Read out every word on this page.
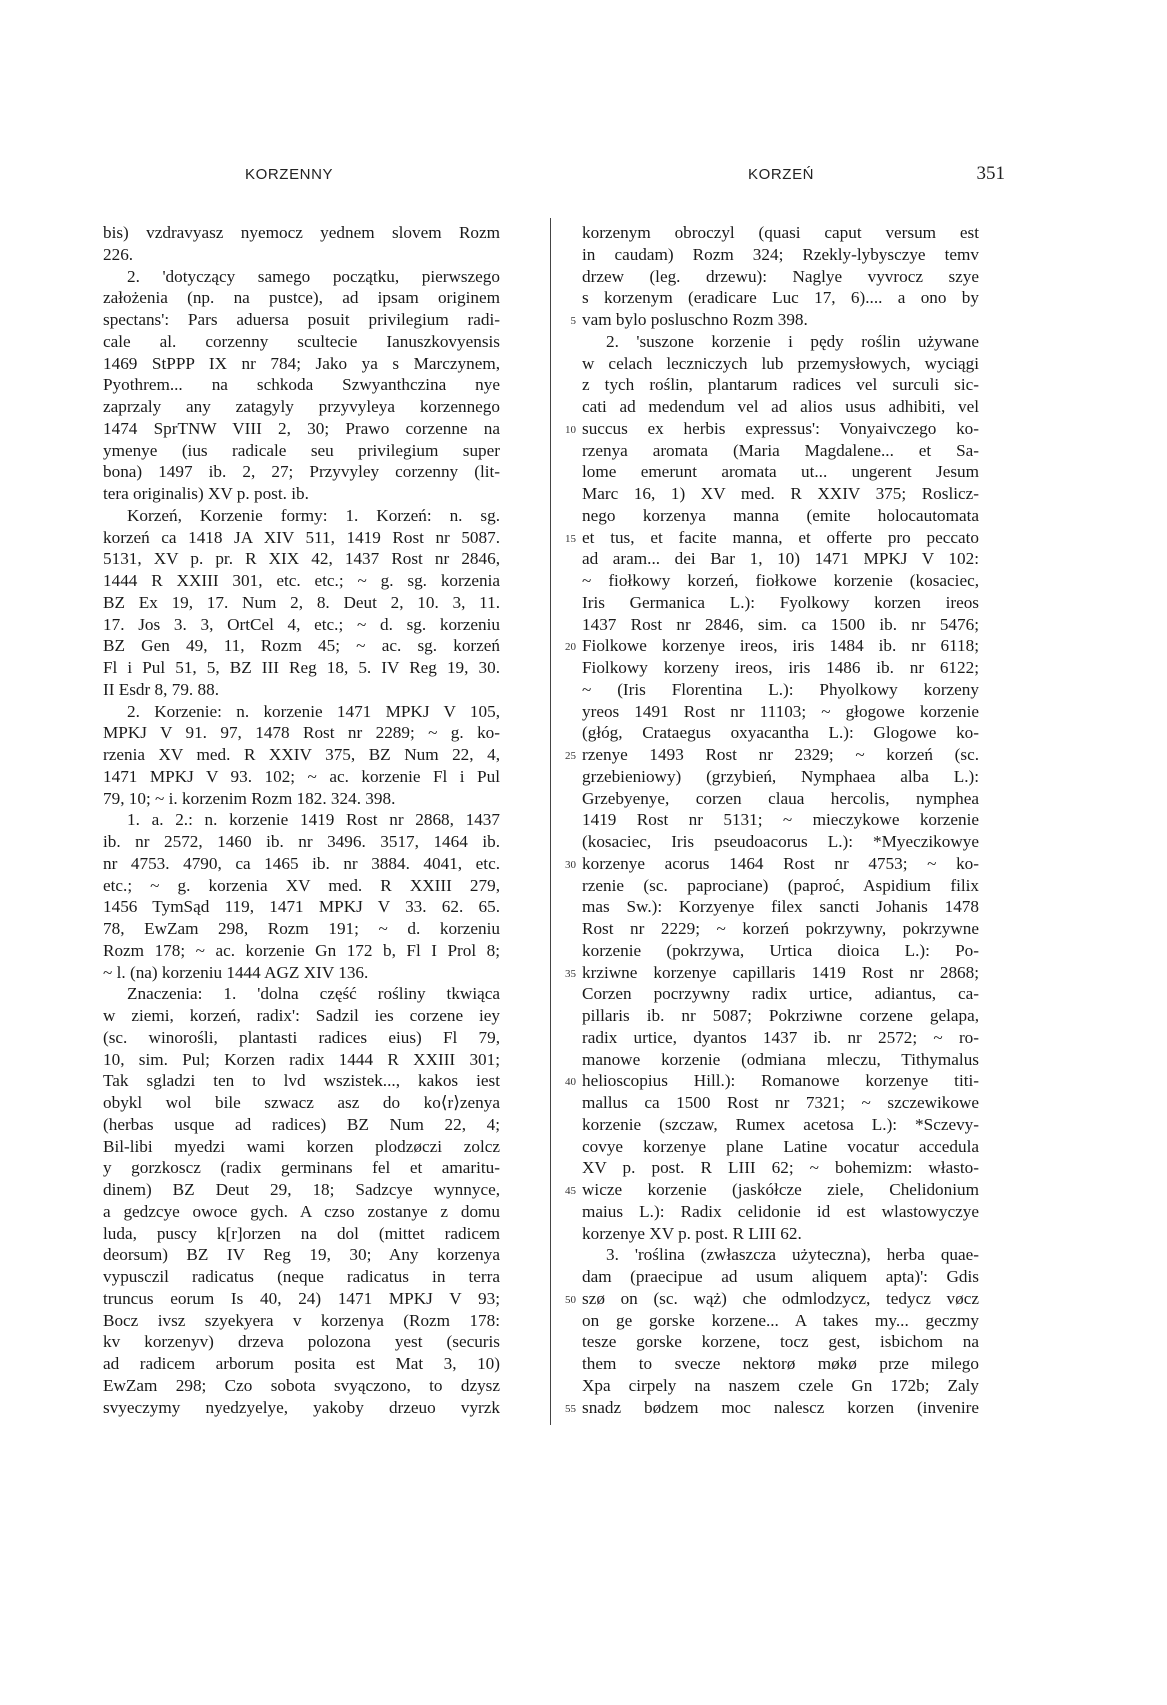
KORZENNY	KORZEŃ	351
bis) vzdravyasz nyemocz yednem slovem Rozm
226.
2. 'dotyczący samego początku, pierwszego
założenia (np. na pustce), ad ipsam originem
spectans': Pars aduersa posuit privilegium radi-
cale al. corzenny scultecie Ianuszkovyensis
1469 StPPP IX nr 784; Jako ya s Marczynem,
Pyothrem... na schkoda Szwyanthczina nye
zaprzaly any zatagyly przyvyleya korzennego
1474 SprTNW VIII 2, 30; Prawo corzenne na
ymenye (ius radicale seu privilegium super
bona) 1497 ib. 2, 27; Przyvyley corzenny (lit-
tera originalis) XV p. post. ib.
Korzeń, Korzenie formy: 1. Korzeń: n. sg.
korzeń ca 1418 JA XIV 511, 1419 Rost nr 5087.
5131, XV p. pr. R XIX 42, 1437 Rost nr 2846,
1444 R XXIII 301, etc. etc.; ~ g. sg. korzenia
BZ Ex 19, 17. Num 2, 8. Deut 2, 10. 3, 11.
17. Jos 3. 3, OrtCel 4, etc.; ~ d. sg. korzeniu
BZ Gen 49, 11, Rozm 45; ~ ac. sg. korzeń
Fl i Pul 51, 5, BZ III Reg 18, 5. IV Reg 19, 30.
II Esdr 8, 79. 88.
2. Korzenie: n. korzenie 1471 MPKJ V 105,
MPKJ V 91. 97, 1478 Rost nr 2289; ~ g. ko-
rzenia XV med. R XXIV 375, BZ Num 22, 4,
1471 MPKJ V 93. 102; ~ ac. korzenie Fl i Pul
79, 10; ~ i. korzenim Rozm 182. 324. 398.
1. a. 2.: n. korzenie 1419 Rost nr 2868, 1437
ib. nr 2572, 1460 ib. nr 3496. 3517, 1464 ib.
nr 4753. 4790, ca 1465 ib. nr 3884. 4041, etc.
etc.; ~ g. korzenia XV med. R XXIII 279,
1456 TymSąd 119, 1471 MPKJ V 33. 62. 65.
78, EwZam 298, Rozm 191; ~ d. korzeniu
Rozm 178; ~ ac. korzenie Gn 172 b, Fl I Prol 8;
~ l. (na) korzeniu 1444 AGZ XIV 136.
Znaczenia: 1. 'dolna część rośliny tkwiąca
w ziemi, korzeń, radix': Sadzil ies corzene iey
(sc. winorośli, plantasti radices eius) Fl 79,
10, sim. Pul; Korzen radix 1444 R XXIII 301;
Tak sgladzi ten to lvd wszistek..., kakos iest
obykl wol bile szwacz asz do ko⟨r⟩zenya
(herbas usque ad radices) BZ Num 22, 4;
Bil-libi myedzi wami korzen plodzøczi zolcz
y gorzkoscz (radix germinans fel et amaritu-
dinem) BZ Deut 29, 18; Sadzcye wynnyce,
a gedzcye owoce gych. A czso zostanye z domu
luda, puscy k[r]orzen na dol (mittet radicem
deorsum) BZ IV Reg 19, 30; Any korzenya
vypusczil radicatus (neque radicatus in terra
truncus eorum Is 40, 24) 1471 MPKJ V 93;
Bocz ivsz szyekyera v korzenya (Rozm 178:
kv korzenyv) drzeva polozona yest (securis
ad radicem arborum posita est Mat 3, 10)
EwZam 298; Czo sobota svyączono, to dzysz
svyeczymy nyedzyelye, yakoby drzeuo vyrzk
5
10
15
20
25
30
35
40
45
50
55
korzenym obroczyl (quasi caput versum est
in caudam) Rozm 324; Rzekly-lybysczye temv
drzew (leg. drzewu): Naglye vyvrocz szye
s korzenym (eradicare Luc 17, 6).... a ono by
vam bylo posluschno Rozm 398.
2. 'suszone korzenie i pędy roślin używane
w celach leczniczych lub przemysłowych, wyciągi
z tych roślin, plantarum radices vel surculi sic-
cati ad medendum vel ad alios usus adhibiti, vel
succus ex herbis expressus': Vonyaivczego ko-
rzenya aromata (Maria Magdalene... et Sa-
lome emerunt aromata ut... ungerent Jesum
Marc 16, 1) XV med. R XXIV 375; Roslicz-
nego korzenya manna (emite holocautomata
et tus, et facite manna, et offerte pro peccato
ad aram... dei Bar 1, 10) 1471 MPKJ V 102:
~ fiołkowy korzeń, fiołkowe korzenie (kosaciec,
Iris Germanica L.): Fyolkowy korzen ireos
1437 Rost nr 2846, sim. ca 1500 ib. nr 5476;
Fiolkowe korzenye ireos, iris 1484 ib. nr 6118;
Fiolkowy korzeny ireos, iris 1486 ib. nr 6122;
~ (Iris Florentina L.): Phyolkowy korzeny
yreos 1491 Rost nr 11103; ~ głogowe korzenie
(głóg, Crataegus oxyacantha L.): Glogowe ko-
rzenye 1493 Rost nr 2329; ~ korzeń (sc.
grzebieniowy) (grzybień, Nymphaea alba L.):
Grzebyenye, corzen claua hercolis, nymphea
1419 Rost nr 5131; ~ mieczykowe korzenie
(kosaciec, Iris pseudoacorus L.): *Myeczikowye
korzenye acorus 1464 Rost nr 4753; ~ ko-
rzenie (sc. paprociane) (paproć, Aspidium filix
mas Sw.): Korzyenye filex sancti Johanis 1478
Rost nr 2229; ~ korzeń pokrzywny, pokrzywne
korzenie (pokrzywa, Urtica dioica L.): Po-
krziwne korzenye capillaris 1419 Rost nr 2868;
Corzen pocrzywny radix urtice, adiantus, ca-
pillaris ib. nr 5087; Pokrziwne corzene gelapa,
radix urtice, dyantos 1437 ib. nr 2572; ~ ro-
manowe korzenie (odmiana mleczu, Tithymalus
helioscopius Hill.): Romanowe korzenye titi-
mallus ca 1500 Rost nr 7321; ~ szczewikowe
korzenie (szczaw, Rumex acetosa L.): *Sczevy-
covye korzenye plane Latine vocatur accedula
XV p. post. R LIII 62; ~ bohemizm: własto-
wicze korzenie (jaskółcze ziele, Chelidonium
maius L.): Radix celidonie id est wlastowyczye
korzenye XV p. post. R LIII 62.
3. 'roślina (zwłaszcza użyteczna), herba quae-
dam (praecipue ad usum aliquem apta)': Gdis
szø on (sc. wąż) che odmlodzycz, tedycz vøcz
on ge gorske korzene... A takes my... geczmy
tesze gorske korzene, tocz gest, isbichom na
them to svecze nektorø møkø prze milego
Xpa cirpely na naszem czele Gn 172b; Zaly
snadz bødzem moc nalescz korzen (invenire
